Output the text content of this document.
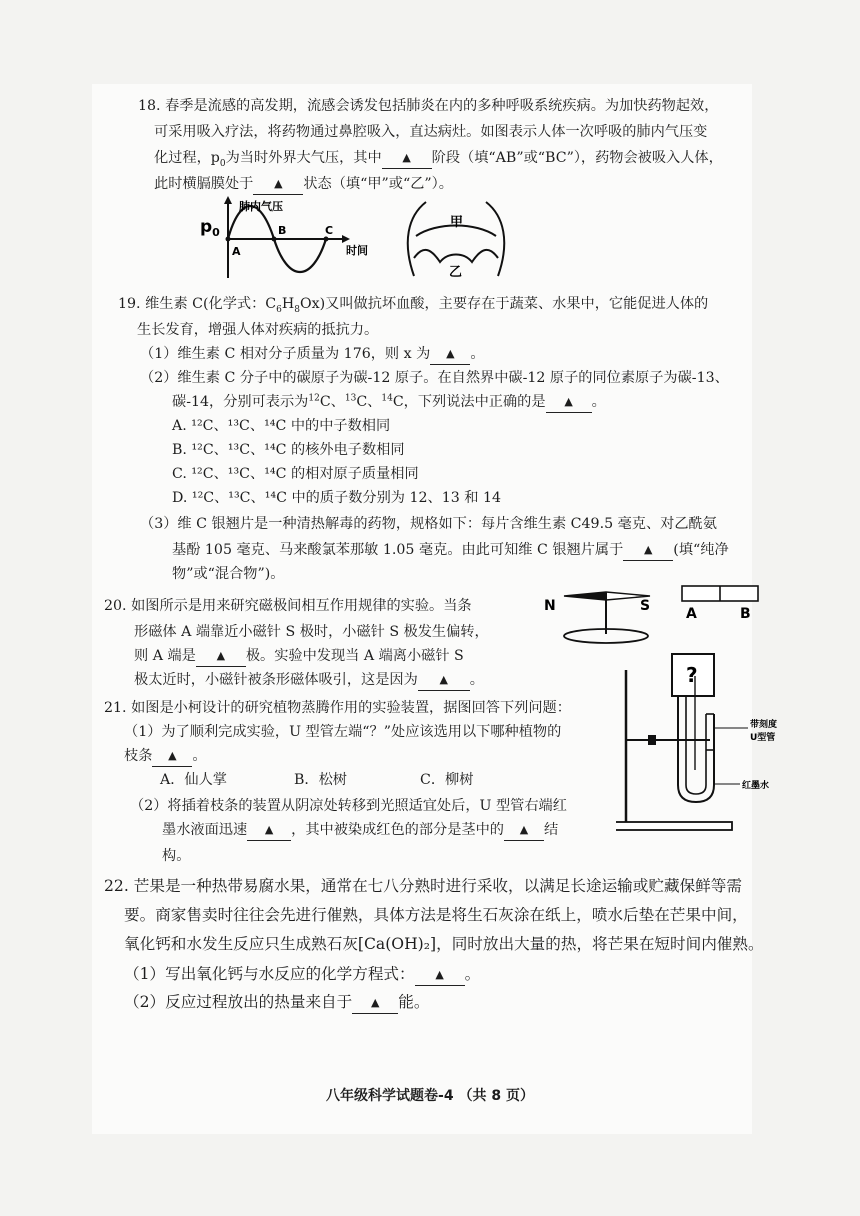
18. 春季是流感的高发期，流感会诱发包括肺炎在内的多种呼吸系统疾病。为加快药物起效，
可采用吸入疗法，将药物通过鼻腔吸入，直达病灶。如图表示人体一次呼吸的肺内气压变
化过程，$p_0$为当时外界大气压，其中 ▲ 阶段（填“AB”或“BC”），药物会被吸入人体，
此时横膈膜处于 ▲ 状态（填“甲”或“乙”）。
肺内气压
时间
$p_0$
A
B	C
甲
乙
19. 维生素 C(化学式：$C_6H_8Ox$)又叫做抗坏血酸，主要存在于蔬菜、水果中，它能促进人体的
生长发育，增强人体对疾病的抵抗力。
（1）维生素 C 相对分子质量为 176，则 x 为 ▲ 。
（2）维生素 C 分子中的碳原子为碳-12 原子。在自然界中碳-12 原子的同位素原子为碳-13、
碳-14，分别可表示为$^{12}$C、$^{13}$C、$^{14}$C，下列说法中正确的是 ▲ 。
A. ¹²C、¹³C、¹⁴C 中的中子数相同
B. ¹²C、¹³C、¹⁴C 的核外电子数相同
C. ¹²C、¹³C、¹⁴C 的相对原子质量相同
D. ¹²C、¹³C、¹⁴C 中的质子数分别为 12、13 和 14
（3）维 C 银翘片是一种清热解毒的药物，规格如下：每片含维生素 C49.5 毫克、对乙酰氨
基酚 105 毫克、马来酸氯苯那敏 1.05 毫克。由此可知维 C 银翘片属于 ▲ (填“纯净
物”或“混合物”)。
20. 如图所示是用来研究磁极间相互作用规律的实验。当条
形磁体 A 端靠近小磁针 S 极时，小磁针 S 极发生偏转，
则 A 端是 ▲ 极。实验中发现当 A 端离小磁针 S
极太近时，小磁针被条形磁体吸引，这是因为 ▲ 。
N	S	A	B
21. 如图是小柯设计的研究植物蒸腾作用的实验装置，据图回答下列问题：
（1）为了顺利完成实验，U 型管左端“？”处应该选用以下哪种植物的
枝条 ▲ 。
A．仙人掌	B．松树	C．柳树
（2）将插着枝条的装置从阴凉处转移到光照适宜处后，U 型管右端红
墨水液面迅速 ▲ ，其中被染成红色的部分是茎中的 ▲ 结
构。
?
带刻度
U型管
红墨水
22. 芒果是一种热带易腐水果，通常在七八分熟时进行采收，以满足长途运输或贮藏保鲜等需
要。商家售卖时往往会先进行催熟，具体方法是将生石灰涂在纸上，喷水后垫在芒果中间，
氧化钙和水发生反应只生成熟石灰[Ca(OH)₂]，同时放出大量的热，将芒果在短时间内催熟。
（1）写出氧化钙与水反应的化学方程式： ▲ 。
（2）反应过程放出的热量来自于 ▲ 能。
八年级科学试题卷-4 （共 8 页）
